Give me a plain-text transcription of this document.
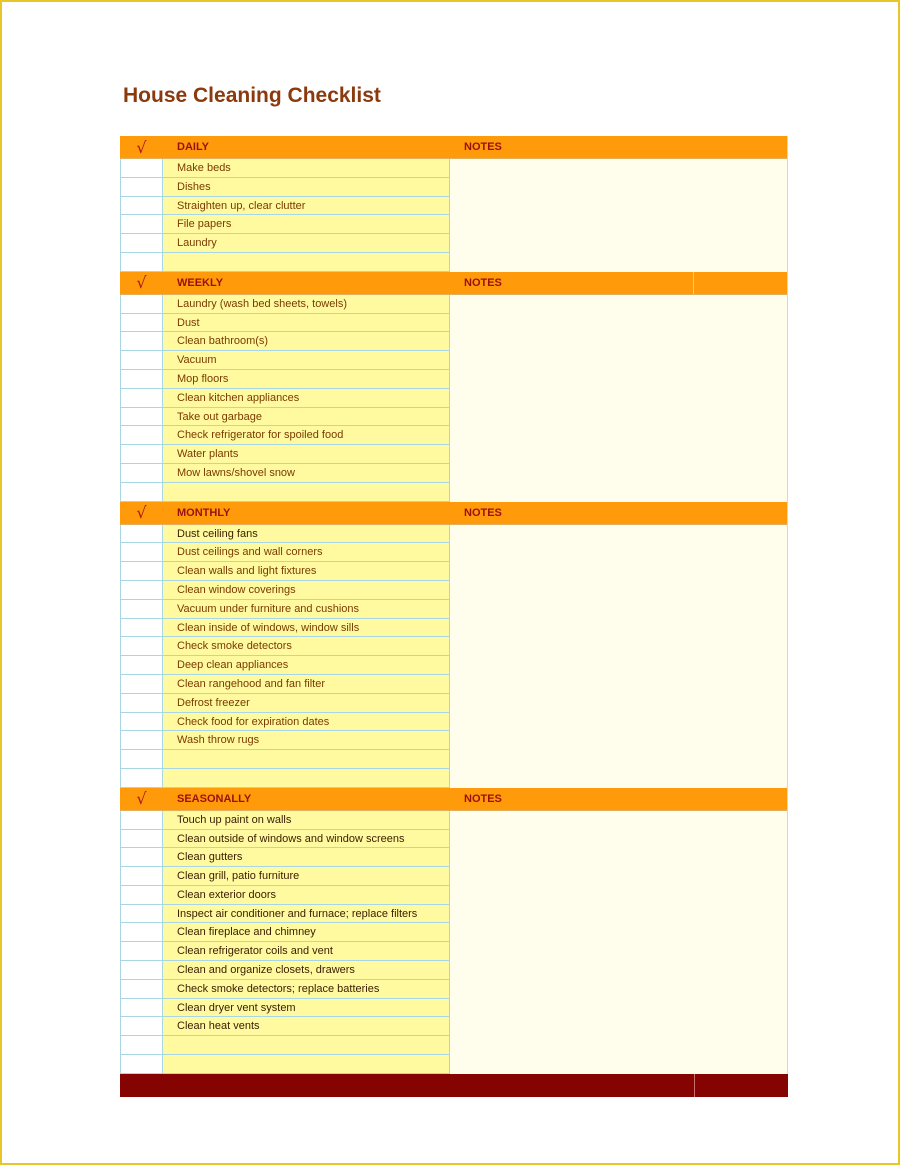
House Cleaning Checklist
√	DAILY	NOTES
Make beds
Dishes
Straighten up, clear clutter
File papers
Laundry
√	WEEKLY	NOTES
Laundry (wash bed sheets, towels)
Dust
Clean bathroom(s)
Vacuum
Mop floors
Clean kitchen appliances
Take out garbage
Check refrigerator for spoiled food
Water plants
Mow lawns/shovel snow
√	MONTHLY	NOTES
Dust ceiling fans
Dust ceilings and wall corners
Clean walls and light fixtures
Clean window coverings
Vacuum under furniture and cushions
Clean inside of windows, window sills
Check smoke detectors
Deep clean appliances
Clean rangehood and fan filter
Defrost freezer
Check food for expiration dates
Wash throw rugs
√	SEASONALLY	NOTES
Touch up paint on walls
Clean outside of windows and window screens
Clean gutters
Clean grill, patio furniture
Clean exterior doors
Inspect air conditioner and furnace; replace filters
Clean fireplace and chimney
Clean refrigerator coils and vent
Clean and organize closets, drawers
Check smoke detectors; replace batteries
Clean dryer vent system
Clean heat vents
